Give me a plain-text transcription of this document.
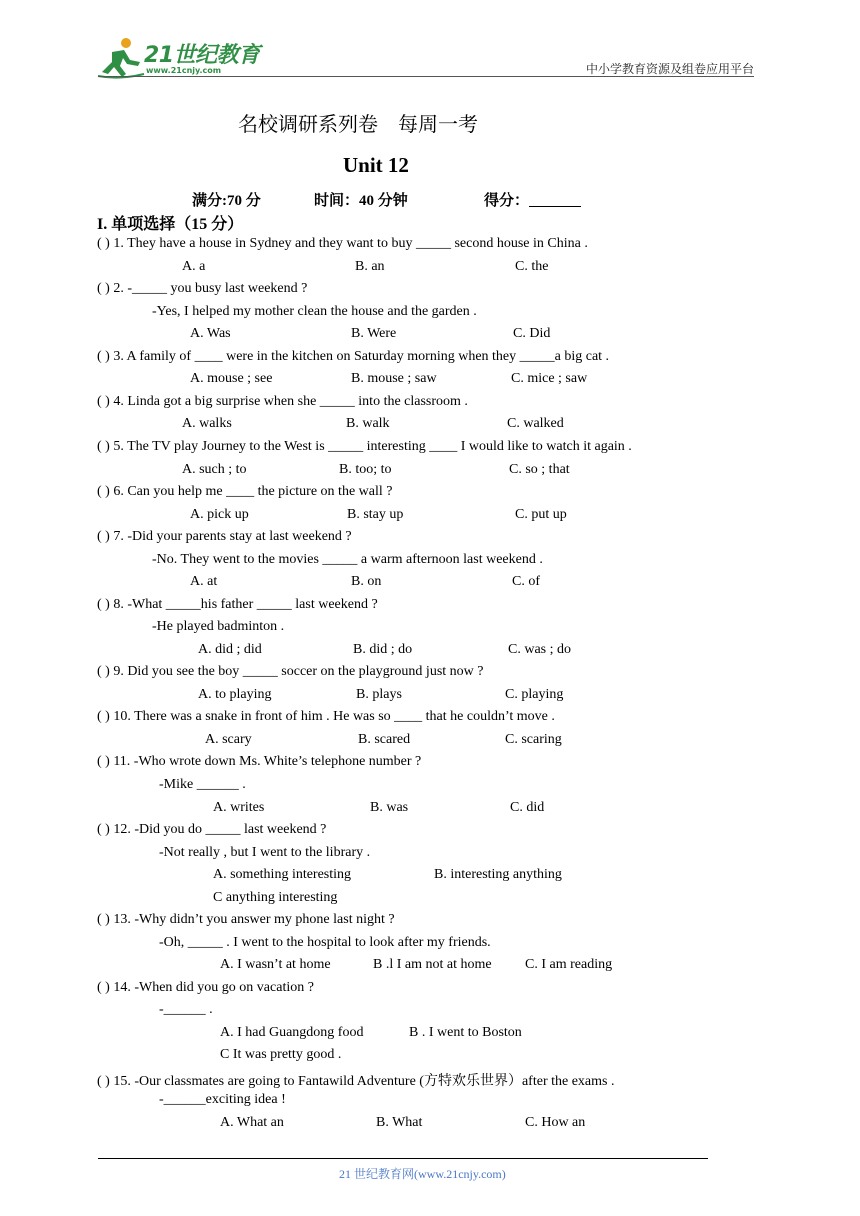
21世纪教育
www.21cnjy.com	中小学教育资源及组卷应用平台
名校调研系列卷　每周一考
Unit 12
满分:70 分	时间：40 分钟	得分：
I. 单项选择（15 分）
( ) 1. They have a house in Sydney and they want to buy _____ second house in China .
A. a	B. an	C. the
( ) 2. -_____ you busy last weekend ?
-Yes, I helped my mother clean the house and the garden .
A. Was	B. Were	C. Did
( ) 3. A family of ____ were in the kitchen on Saturday morning when they _____a big cat .
A. mouse ; see	B. mouse ; saw	C. mice ; saw
( ) 4. Linda got a big surprise when she _____ into the classroom .
A. walks	B. walk	C. walked
( ) 5. The TV play Journey to the West is _____ interesting ____ I would like to watch it again .
A. such ; to	B. too; to	C. so ; that
( ) 6. Can you help me ____ the picture on the wall ?
A. pick up	B. stay up	C. put up
( ) 7. -Did your parents stay at last weekend ?
-No. They went to the movies _____ a warm afternoon last weekend .
A. at	B. on	C. of
( ) 8. -What _____his father _____ last weekend ?
-He played badminton .
A. did ; did	B. did ; do	C. was ; do
( ) 9. Did you see the boy _____ soccer on the playground just now ?
A. to playing	B. plays	C. playing
( ) 10. There was a snake in front of him . He was so ____ that he couldn’t move .
A. scary	B. scared	C. scaring
( ) 11. -Who wrote down Ms. White’s telephone number ?
-Mike ______ .
A. writes	B. was	C. did
( ) 12. -Did you do _____ last weekend ?
-Not really , but I went to the library .
A. something interesting	B. interesting anything
C anything interesting
( ) 13. -Why didn’t you answer my phone last night ?
-Oh, _____ . I went to the hospital to look after my friends.
A. I wasn’t at home	B .l I am not at home C. I am reading
( ) 14. -When did you go on vacation ?
-______ .
A. I had Guangdong food	B . I went to Boston
C It was pretty good .
( ) 15. -Our classmates are going to Fantawild Adventure (方特欢乐世界）after the exams .
-______exciting idea !
A. What an	B. What	C. How an
21 世纪教育网(www.21cnjy.com)
